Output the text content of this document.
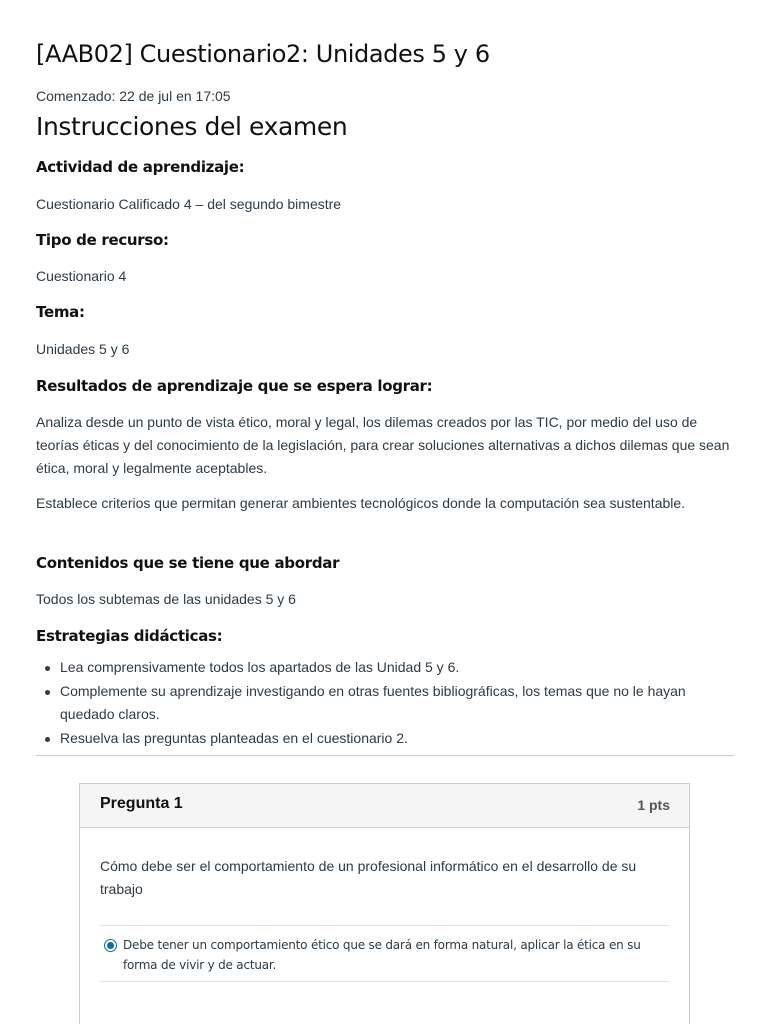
[AAB02] Cuestionario2: Unidades 5 y 6
Comenzado: 22 de jul en 17:05
Instrucciones del examen
Actividad de aprendizaje:

Cuestionario Calificado 4 – del segundo bimestre

Tipo de recurso:

Cuestionario 4

Tema:

Unidades 5 y 6

Resultados de aprendizaje que se espera lograr:

Analiza desde un punto de vista ético, moral y legal, los dilemas creados por las TIC, por medio del uso de teorías éticas y del conocimiento de la legislación, para crear soluciones alternativas a dichos dilemas que sean ética, moral y legalmente aceptables.

Establece criterios que permitan generar ambientes tecnológicos donde la computación sea sustentable.

Contenidos que se tiene que abordar

Todos los subtemas de las unidades 5 y 6

Estrategias didácticas:
Lea comprensivamente todos los apartados de las Unidad 5 y 6.
Complemente su aprendizaje investigando en otras fuentes bibliográficas, los temas que no le hayan quedado claros.
Resuelva las preguntas planteadas en el cuestionario 2.
Pregunta 1	1 pts
Cómo debe ser el comportamiento de un profesional informático en el desarrollo de su trabajo
Debe tener un comportamiento ético que se dará en forma natural, aplicar la ética en su forma de vivir y de actuar.
